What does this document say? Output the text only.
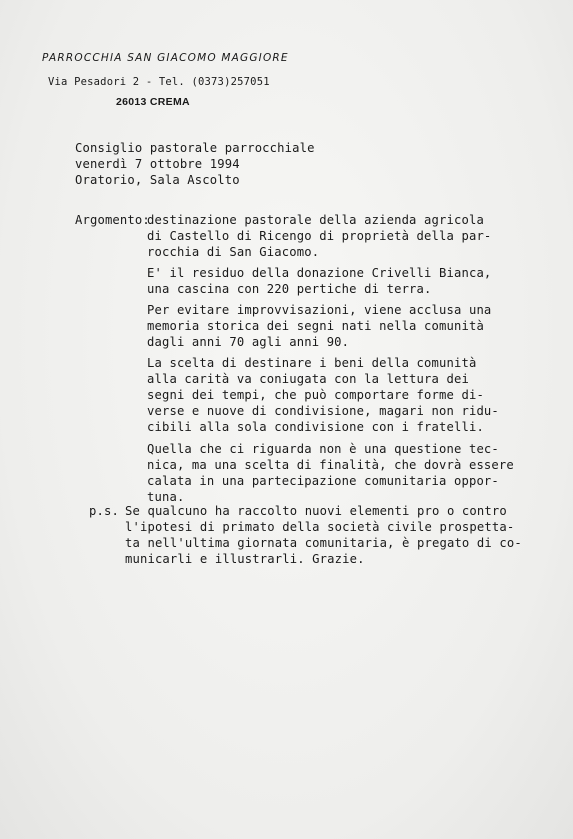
PARROCCHIA SAN GIACOMO MAGGIORE
Via Pesadori 2 - Tel. (0373)257051
26013 CREMA
Consiglio pastorale parrocchiale
venerdì 7 ottobre 1994
Oratorio, Sala Ascolto
Argomento:
destinazione pastorale della azienda agricola
di Castello di Ricengo di proprietà della par-
rocchia di San Giacomo.
E' il residuo della donazione Crivelli Bianca,
una cascina con 220 pertiche di terra.
Per evitare improvvisazioni, viene acclusa una
memoria storica dei segni nati nella comunità
dagli anni 70 agli anni 90.
La scelta di destinare i beni della comunità
alla carità va coniugata con la lettura dei
segni dei tempi, che può comportare forme di-
verse e nuove di condivisione, magari non ridu-
cibili alla sola condivisione con i fratelli.
Quella che ci riguarda non è una questione tec-
nica, ma una scelta di finalità, che dovrà essere
calata in una partecipazione comunitaria oppor-
tuna.
p.s. Se qualcuno ha raccolto nuovi elementi pro o contro
l'ipotesi di primato della società civile prospetta-
ta nell'ultima giornata comunitaria, è pregato di co-
municarli e illustrarli. Grazie.
